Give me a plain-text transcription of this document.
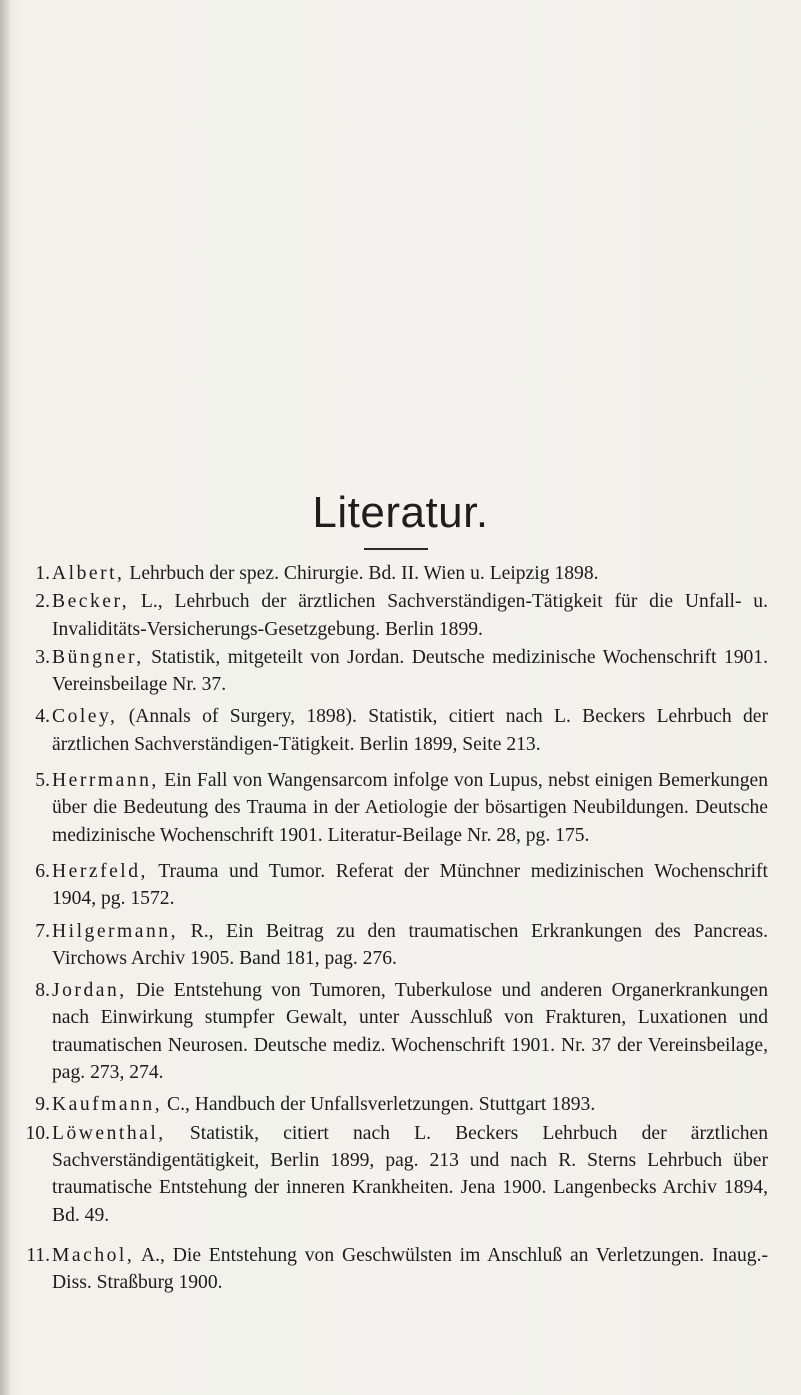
Literatur.
1. Albert, Lehrbuch der spez. Chirurgie. Bd. II. Wien u. Leipzig 1898.
2. Becker, L., Lehrbuch der ärztlichen Sachverständigen-Tätigkeit für die Unfall- u. Invaliditäts-Versicherungs-Gesetzgebung. Berlin 1899.
3. Büngner, Statistik, mitgeteilt von Jordan. Deutsche medizinische Wochenschrift 1901. Vereinsbeilage Nr. 37.
4. Coley, (Annals of Surgery, 1898). Statistik, citiert nach L. Beckers Lehrbuch der ärztlichen Sachverständigen-Tätigkeit. Berlin 1899, Seite 213.
5. Herrmann, Ein Fall von Wangensarcom infolge von Lupus, nebst einigen Bemerkungen über die Bedeutung des Trauma in der Aetiologie der bösartigen Neubildungen. Deutsche medizinische Wochenschrift 1901. Literatur-Beilage Nr. 28, pg. 175.
6. Herzfeld, Trauma und Tumor. Referat der Münchner medizinischen Wochenschrift 1904, pg. 1572.
7. Hilgermann, R., Ein Beitrag zu den traumatischen Erkrankungen des Pancreas. Virchows Archiv 1905. Band 181, pag. 276.
8. Jordan, Die Entstehung von Tumoren, Tuberkulose und anderen Organerkrankungen nach Einwirkung stumpfer Gewalt, unter Ausschluß von Frakturen, Luxationen und traumatischen Neurosen. Deutsche mediz. Wochenschrift 1901. Nr. 37 der Vereinsbeilage, pag. 273, 274.
9. Kaufmann, C., Handbuch der Unfallsverletzungen. Stuttgart 1893.
10. Löwenthal, Statistik, citiert nach L. Beckers Lehrbuch der ärztlichen Sachverständigentätigkeit, Berlin 1899, pag. 213 und nach R. Sterns Lehrbuch über traumatische Entstehung der inneren Krankheiten. Jena 1900. Langenbecks Archiv 1894, Bd. 49.
11. Machol, A., Die Entstehung von Geschwülsten im Anschluß an Verletzungen. Inaug.-Diss. Straßburg 1900.
